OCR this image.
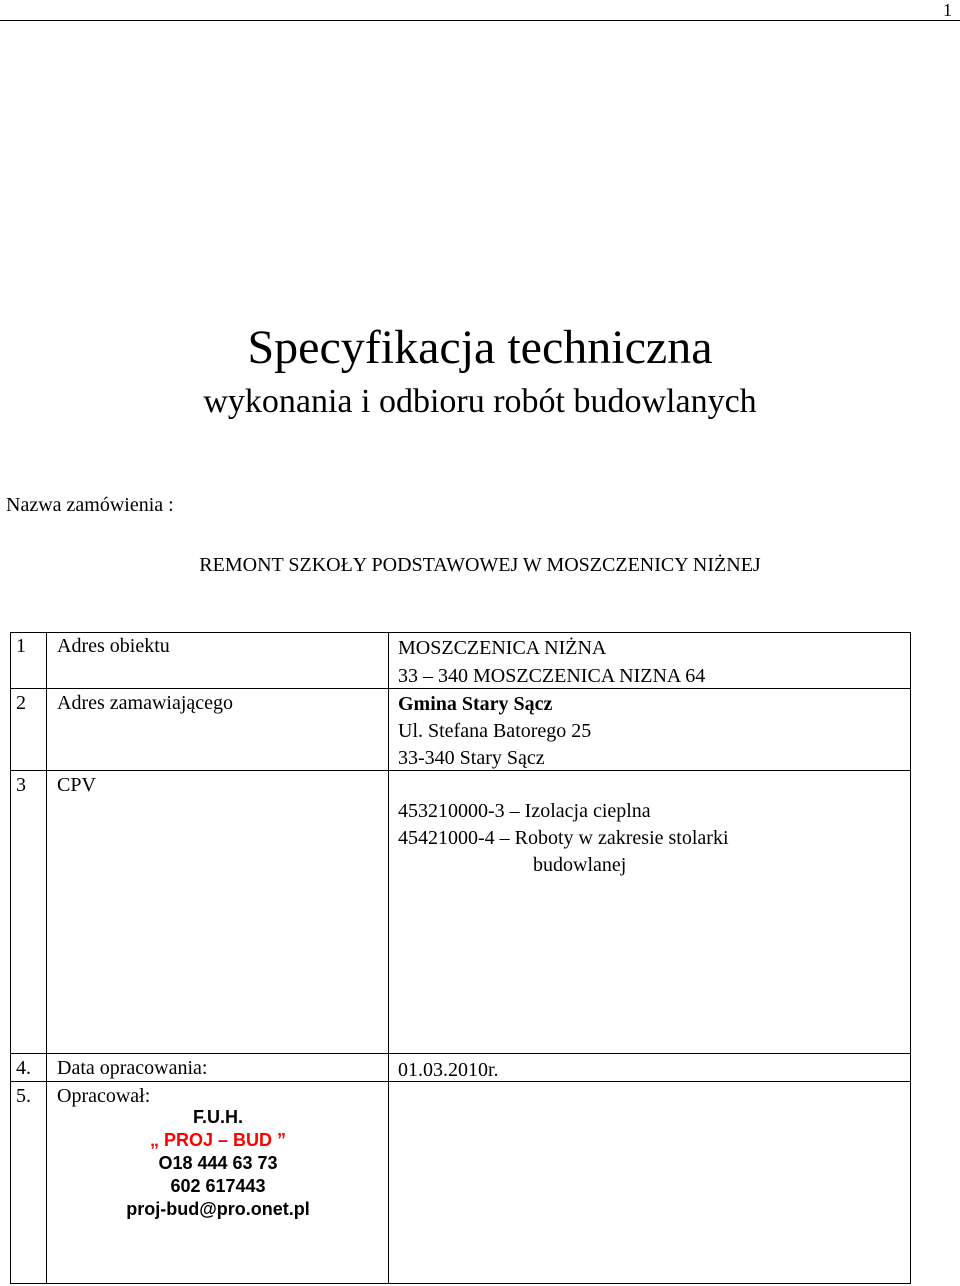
1
Specyfikacja techniczna
wykonania i odbioru robót budowlanych
Nazwa zamówienia :
REMONT SZKOŁY PODSTAWOWEJ W MOSZCZENICY NIŻNEJ
1 Adres obiektu	MOSZCZENICA NIŻNA
33 – 340 MOSZCZENICA NIZNA 64
2 Adres zamawiającego	Gmina Stary Sącz
Ul. Stefana Batorego 25
33-340 Stary Sącz
3 CPV
453210000-3 – Izolacja cieplna
45421000-4 – Roboty w zakresie stolarki
budowlanej
4. Data opracowania:	01.03.2010r.
5. Opracował:
F.U.H.
„ PROJ – BUD ”
O18 444 63 73
602 617443
proj-bud@pro.onet.pl
